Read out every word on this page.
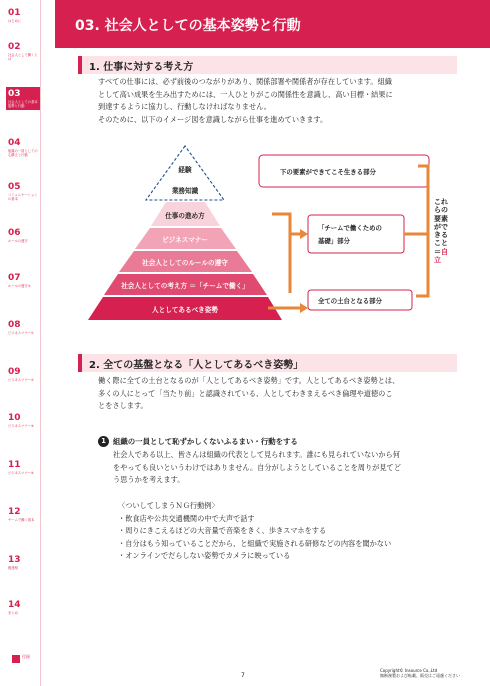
01
はじめに
02
社会人として働くとは
03
社会人としての基本姿勢と行動
04
組織の一員としての心構えと行動
05
コミュニケーションの基本
06
ルールの遵守
07
ルールの遵守②
08
ビジネスマナー①
09
ビジネスマナー②
10
ビジネスマナー③
11
ビジネスマナー④
12
チームで働く基本
13
報連相
14
まとめ
付録
03. 社会人としての基本姿勢と行動
1. 仕事に対する考え方
すべての仕事には、必ず前後のつながりがあり、関係部署や関係者が存在しています。組織
として高い成果を生み出すためには、一人ひとりがこの関係性を意識し、高い目標・結果に
到達するように協力し、行動しなければなりません。
そのために、以下のイメージ図を意識しながら仕事を進めていきます。
経験
業務知識
仕事の進め方
ビジネスマナー
社会人としてのルールの遵守
社会人としての考え方 ＝「チームで働く」
人としてあるべき姿勢
下の要素ができてこそ生きる部分
「チームで働くための
基礎」部分
全ての土台となる部分
これらの要素ができること＝自立
2. 全ての基盤となる「人としてあるべき姿勢」
働く際に全ての土台となるのが「人としてあるべき姿勢」です。人としてあるべき姿勢とは、
多くの人にとって「当たり前」と認識されている、人としてわきまえるべき倫理や道徳のこ
とをさします。
1 組織の一員として恥ずかしくないふるまい・行動をする
社会人である以上、皆さんは組織の代表として見られます。誰にも見られていないから何
をやっても良いというわけではありません。自分がしようとしていることを周りが見てど
う思うかを考えます。
〈ついしてしまうＮＧ行動例〉
・飲食店や公共交通機関の中で大声で話す
・周りにきこえるほどの大音量で音楽をきく、歩きスマホをする
・自分はもう知っていることだから、と組織で実施される研修などの内容を聞かない
・オンラインでだらしない姿勢でカメラに映っている
7
Copyright© Insource Co.,Ltd
無断複製および転載、販売はご遠慮ください
